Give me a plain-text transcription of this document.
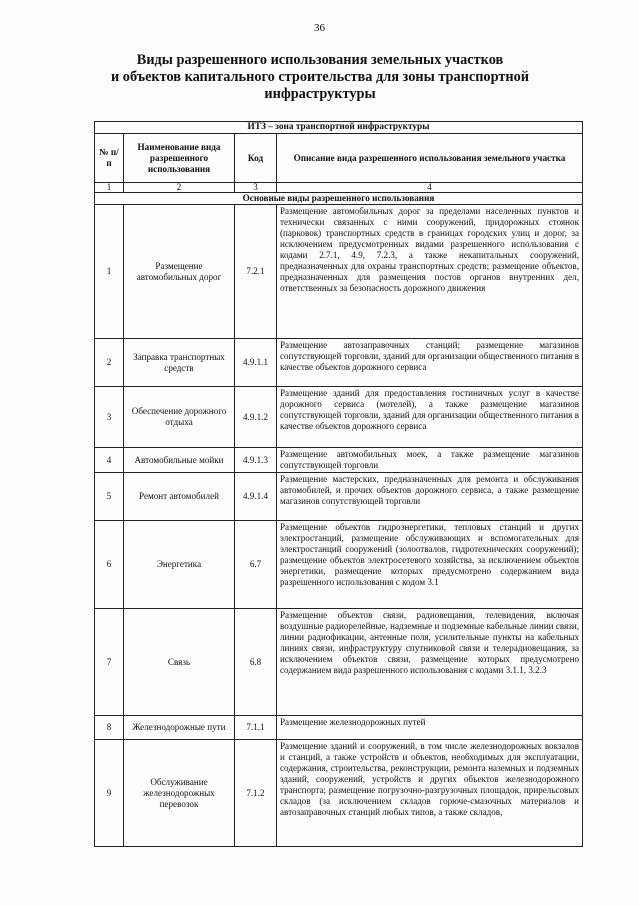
36
Виды разрешенного использования земельных участков
и объектов капитального строительства для зоны транспортной
инфраструктуры
ИТЗ – зона транспортной инфраструктуры			
№ п/п	Наименование вида разрешенного использования	Код	Описание вида разрешенного использования земельного участка
1	2	3	4
Основные виды разрешенного использования			
1	Размещение автомобильных дорог	7.2.1	Размещение автомобильных дорог за пределами населенных пунктов и технически связанных с ними сооружений, придорожных стоянок (парковок) транспортных средств в границах городских улиц и дорог, за исключением предусмотренных видами разрешенного использования с кодами 2.7.1, 4.9, 7.2.3, а также некапитальных сооружений, предназначенных для охраны транспортных средств; размещение объектов, предназначенных для размещения постов органов внутренних дел, ответственных за безопасность дорожного движения
2	Заправка транспортных средств	4.9.1.1	Размещение автозаправочных станций; размещение магазинов сопутствующей торговли, зданий для организации общественного питания в качестве объектов дорожного сервиса
3	Обеспечение дорожного отдыха	4.9.1.2	Размещение зданий для предоставления гостиничных услуг в качестве дорожного сервиса (мотелей), а также размещение магазинов сопутствующей торговли, зданий для организации общественного питания в качестве объектов дорожного сервиса
4	Автомобильные мойки	4.9.1.3	Размещение автомобильных моек, а также размещение магазинов сопутствующей торговли
5	Ремонт автомобилей	4.9.1.4	Размещение мастерских, предназначенных для ремонта и обслуживания автомобилей, и прочих объектов дорожного сервиса, а также размещение магазинов сопутствующей торговли
6	Энергетика	6.7	Размещение объектов гидроэнергетики, тепловых станций и других электростанций, размещение обслуживающих и вспомогательных для электростанций сооружений (золоотвалов, гидротехнических сооружений); размещение объектов электросетевого хозяйства, за исключением объектов энергетики, размещение которых предусмотрено содержанием вида разрешенного использования с кодом 3.1
7	Связь	6.8	Размещение объектов связи, радиовещания, телевидения, включая воздушные радиорелейные, надземные и подземные кабельные линии связи, линии радиофикации, антенные поля, усилительные пункты на кабельных линиях связи, инфраструктуру спутниковой связи и телерадиовещания, за исключением объектов связи, размещение которых предусмотрено содержанием вида разрешенного использования с кодами 3.1.1, 3.2.3
8	Железнодорожные пути	7.1.1	Размещение железнодорожных путей
9	Обслуживание железнодорожных перевозок	7.1.2	Размещение зданий и сооружений, в том числе железнодорожных вокзалов и станций, а также устройств и объектов, необходимых для эксплуатации, содержания, строительства, реконструкции, ремонта наземных и подземных зданий, сооружений, устройств и других объектов железнодорожного транспорта; размещение погрузочно-разгрузочных площадок, прирельсовых складов (за исключением складов горюче-смазочных материалов и автозаправочных станций любых типов, а также складов,
